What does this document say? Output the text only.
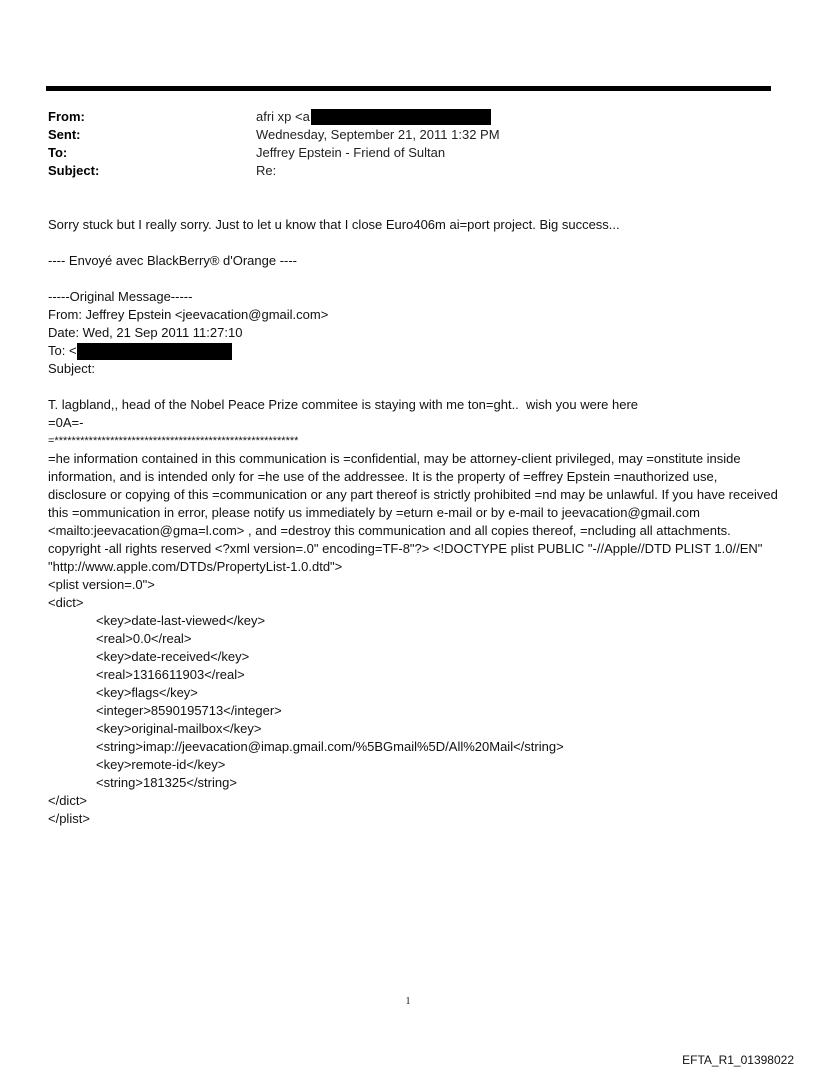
From:	afri xp <a
Sent:	Wednesday, September 21, 2011 1:32 PM
To:	Jeffrey Epstein - Friend of Sultan
Subject:	Re:
Sorry stuck but I really sorry. Just to let u know that I close Euro406m ai=port project. Big success...
---- Envoyé avec BlackBerry® d'Orange ----
-----Original Message-----
From: Jeffrey Epstein <jeevacation@gmail.com>
Date: Wed, 21 Sep 2011 11:27:10
To: <
Subject:
T. lagbland,, head of the Nobel Peace Prize commitee is staying with me ton=ght..  wish you were here
=0A=-
=*********************************************************
=he information contained in this communication is =confidential, may be attorney-client privileged, may =onstitute inside information, and is intended only for =he use of the addressee. It is the property of =effrey Epstein =nauthorized use, disclosure or copying of this =communication or any part thereof is strictly prohibited =nd may be unlawful. If you have received this =ommunication in error, please notify us immediately by =eturn e-mail or by e-mail to jeevacation@gmail.com <mailto:jeevacation@gma=l.com> , and =destroy this communication and all copies thereof, =ncluding all attachments. copyright -all rights reserved <?xml version=.0" encoding=TF-8"?> <!DOCTYPE plist PUBLIC "-//Apple//DTD PLIST 1.0//EN" "http://www.apple.com/DTDs/PropertyList-1.0.dtd">
<plist version=.0">
<dict>
<key>date-last-viewed</key>
<real>0.0</real>
<key>date-received</key>
<real>1316611903</real>
<key>flags</key>
<integer>8590195713</integer>
<key>original-mailbox</key>
<string>imap://jeevacation@imap.gmail.com/%5BGmail%5D/All%20Mail</string>
<key>remote-id</key>
<string>181325</string>
</dict>
</plist>
1
EFTA_R1_01398022
